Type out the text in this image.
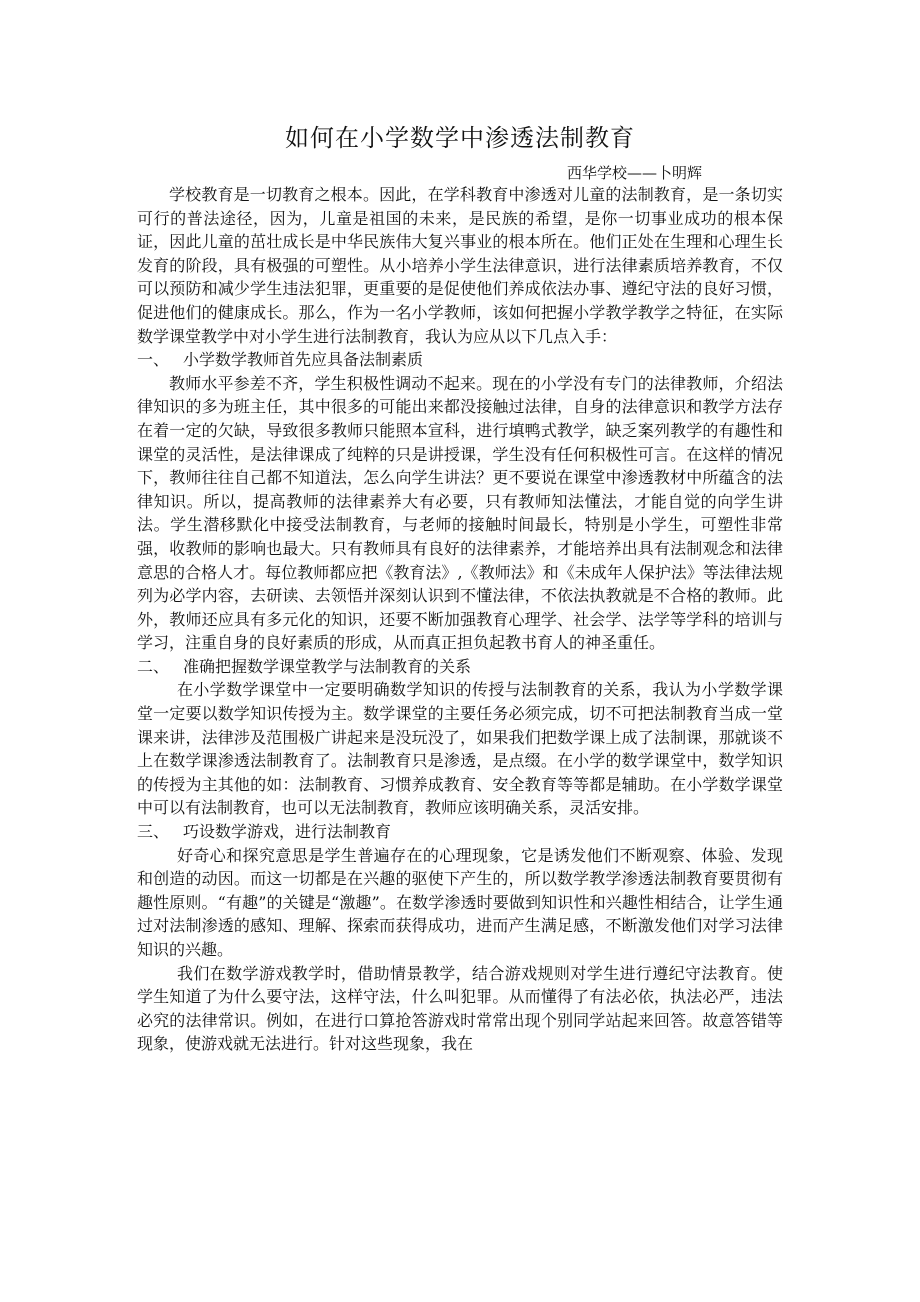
如何在小学数学中渗透法制教育
西华学校——卜明辉

学校教育是一切教育之根本。因此，在学科教育中渗透对儿童的法制教育，是一条切实可行的普法途径，因为，儿童是祖国的未来，是民族的希望，是你一切事业成功的根本保证，因此儿童的茁壮成长是中华民族伟大复兴事业的根本所在。他们正处在生理和心理生长发育的阶段，具有极强的可塑性。从小培养小学生法律意识，进行法律素质培养教育，不仅可以预防和减少学生违法犯罪，更重要的是促使他们养成依法办事、遵纪守法的良好习惯，促进他们的健康成长。那么，作为一名小学教师，该如何把握小学教学教学之特征，在实际数学课堂教学中对小学生进行法制教育，我认为应从以下几点入手：

一、 小学数学教师首先应具备法制素质

教师水平参差不齐，学生积极性调动不起来。现在的小学没有专门的法律教师，介绍法律知识的多为班主任，其中很多的可能出来都没接触过法律，自身的法律意识和教学方法存在着一定的欠缺，导致很多教师只能照本宣科，进行填鸭式教学，缺乏案列教学的有趣性和课堂的灵活性，是法律课成了纯粹的只是讲授课，学生没有任何积极性可言。在这样的情况下，教师往往自己都不知道法，怎么向学生讲法？更不要说在课堂中渗透教材中所蕴含的法律知识。所以，提高教师的法律素养大有必要，只有教师知法懂法，才能自觉的向学生讲法。学生潜移默化中接受法制教育，与老师的接触时间最长，特别是小学生，可塑性非常强，收教师的影响也最大。只有教师具有良好的法律素养，才能培养出具有法制观念和法律意思的合格人才。每位教师都应把《教育法》,《教师法》和《未成年人保护法》等法律法规列为必学内容，去研读、去领悟并深刻认识到不懂法律，不依法执教就是不合格的教师。此外，教师还应具有多元化的知识，还要不断加强教育心理学、社会学、法学等学科的培训与学习，注重自身的良好素质的形成，从而真正担负起教书育人的神圣重任。

二、 准确把握数学课堂教学与法制教育的关系

在小学数学课堂中一定要明确数学知识的传授与法制教育的关系，我认为小学数学课堂一定要以数学知识传授为主。数学课堂的主要任务必须完成，切不可把法制教育当成一堂课来讲，法律涉及范围极广讲起来是没玩没了，如果我们把数学课上成了法制课，那就谈不上在数学课渗透法制教育了。法制教育只是渗透，是点缀。在小学的数学课堂中，数学知识的传授为主其他的如：法制教育、习惯养成教育、安全教育等等都是辅助。在小学数学课堂中可以有法制教育，也可以无法制教育，教师应该明确关系，灵活安排。

三、 巧设数学游戏，进行法制教育

好奇心和探究意思是学生普遍存在的心理现象，它是诱发他们不断观察、体验、发现和创造的动因。而这一切都是在兴趣的驱使下产生的，所以数学教学渗透法制教育要贯彻有趣性原则。“有趣”的关键是“激趣”。在数学渗透时要做到知识性和兴趣性相结合，让学生通过对法制渗透的感知、理解、探索而获得成功，进而产生满足感，不断激发他们对学习法律知识的兴趣。

我们在数学游戏教学时，借助情景教学，结合游戏规则对学生进行遵纪守法教育。使学生知道了为什么要守法，这样守法，什么叫犯罪。从而懂得了有法必依，执法必严，违法必究的法律常识。例如，在进行口算抢答游戏时常常出现个别同学站起来回答。故意答错等现象，使游戏就无法进行。针对这些现象，我在
